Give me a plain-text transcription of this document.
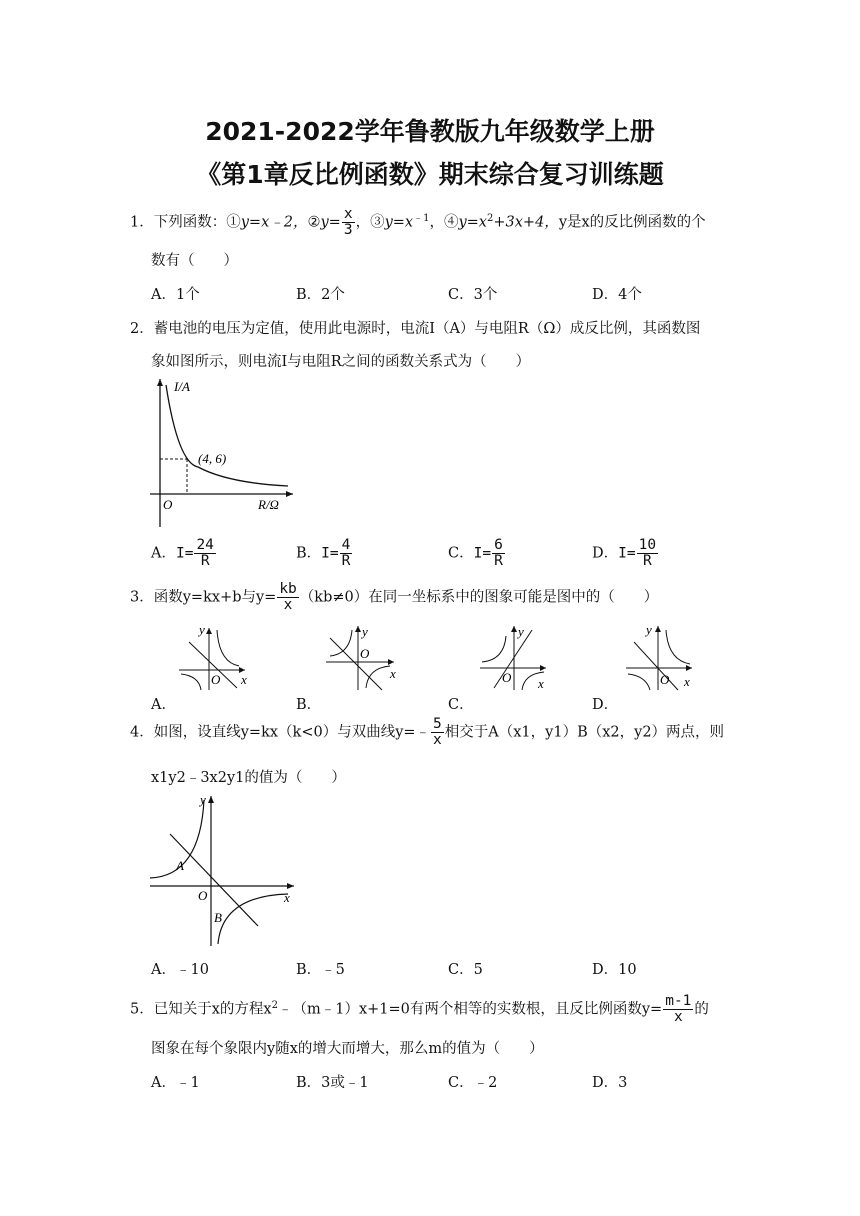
2021-2022学年鲁教版九年级数学上册
《第1章反比例函数》期末综合复习训练题
1．下列函数：①y=x﹣2，②y= $\frac{x}{3}$ ，$③y=x^{﹣1}$，$④y=x^2+3x+4$，y是x的反比例函数的个
数有（　　）
A．1个	B．2个	C．3个	D．4个
2．蓄电池的电压为定值，使用此电源时，电流I（A）与电阻R（Ω）成反比例，其函数图
象如图所示，则电流I与电阻R之间的函数关系式为（　　）
I/A
R/Ω
O
(4, 6)
A．$I= \frac{24}{R}$	B．$I= \frac{4}{R}$	C．$I= \frac{6}{R}$	D．$I= \frac{10}{R}$
3．函数y=kx+b与$y= \frac{kb}{x} (kb\ne 0)$在同一坐标系中的图象可能是图中的（　　）
y
x
O
A．
y
x
O
B．
y
x
O
C．
y
x
O
D．
4．如图，设直线y=kx（k<0）与双曲线y=﹣ $\frac{5}{x}$ 相交于A（x1，y1）B（x2，y2）两点，则
x1y2﹣3x2y1的值为（　　）
y
x
O
A
B
A．﹣10	B．﹣5	C．5	D．10
5．已知关于x的方程$x^2﹣(m﹣1)x+1=0$有两个相等的实数根，且反比例函数$y= \frac{m-1}{x}$ 的
图象在每个象限内y随x的增大而增大，那么m的值为（　　）
A．﹣1	B．3或﹣1	C．﹣2	D．3
